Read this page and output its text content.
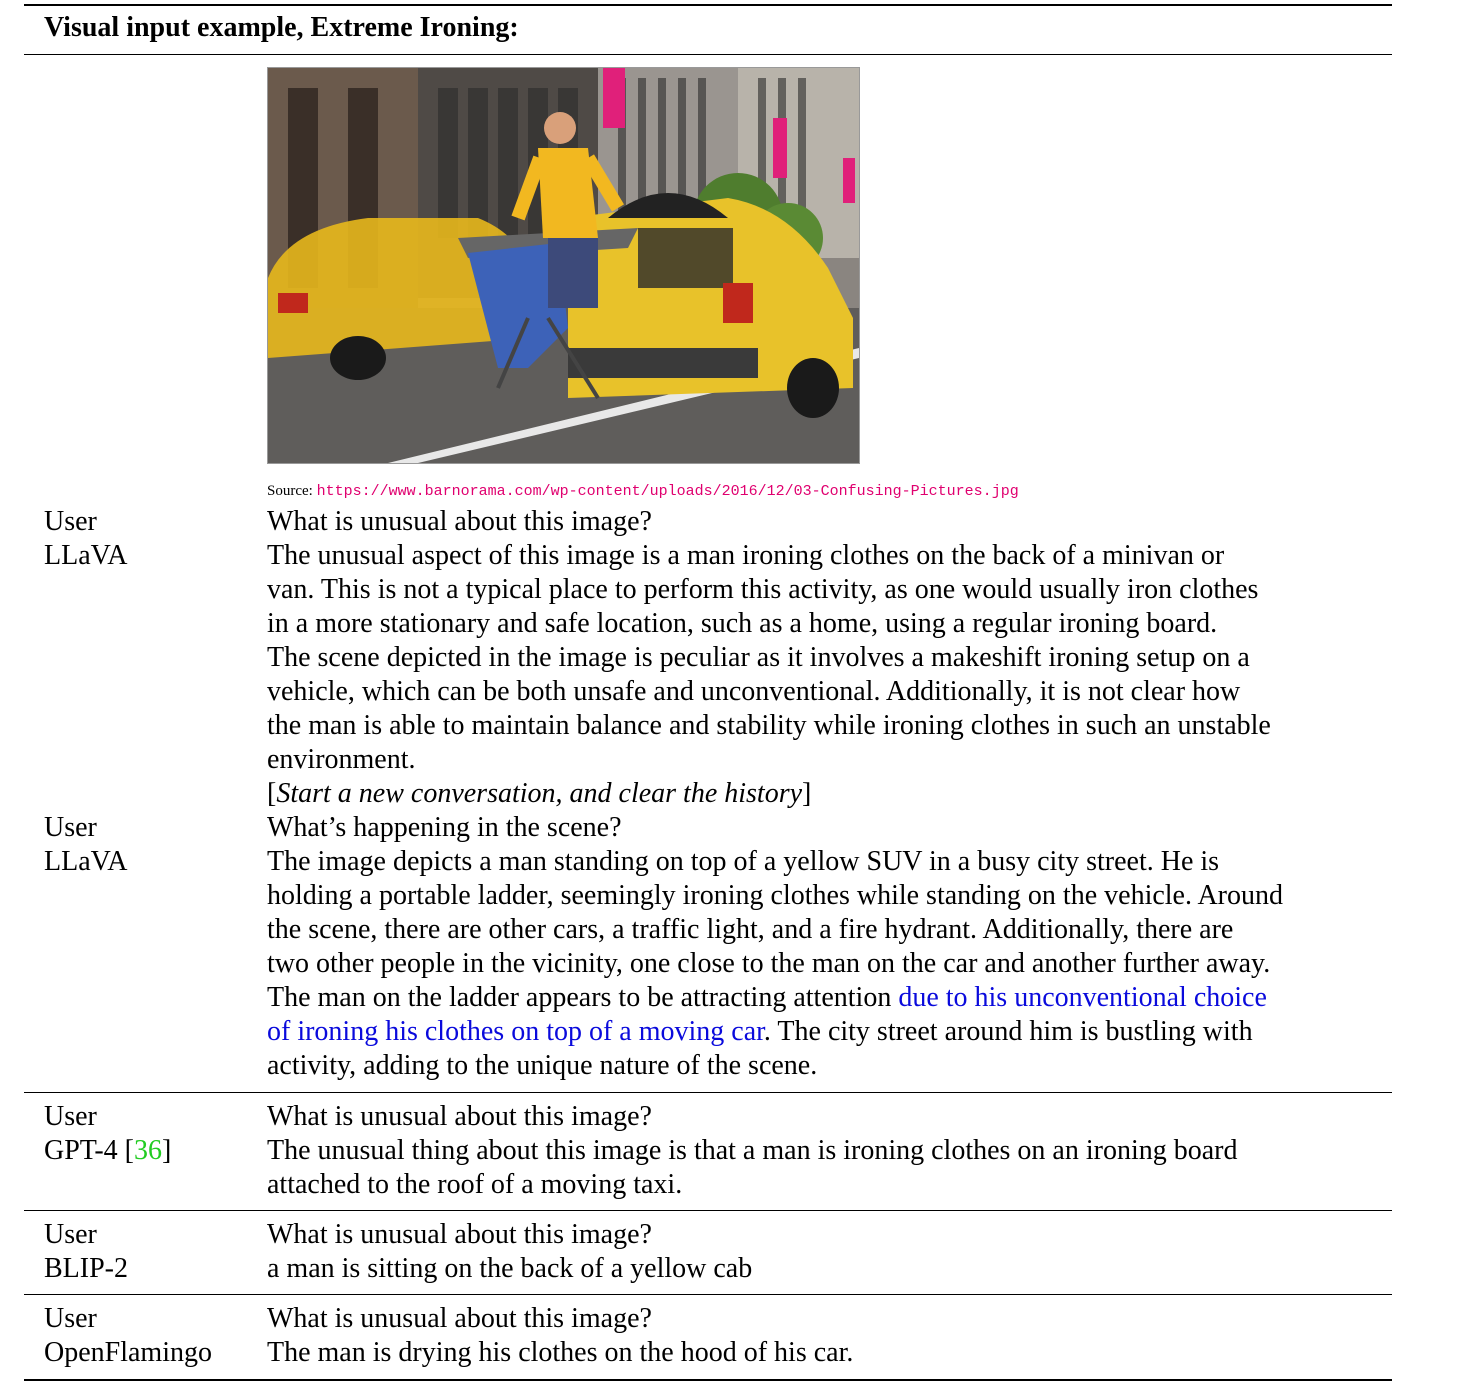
Visual input example, Extreme Ironing:
Source: https://www.barnorama.com/wp-content/uploads/2016/12/03-Confusing-Pictures.jpg
User	What is unusual about this image?
LLaVA	The unusual aspect of this image is a man ironing clothes on the back of a minivan or
van. This is not a typical place to perform this activity, as one would usually iron clothes
in a more stationary and safe location, such as a home, using a regular ironing board.
The scene depicted in the image is peculiar as it involves a makeshift ironing setup on a
vehicle, which can be both unsafe and unconventional. Additionally, it is not clear how
the man is able to maintain balance and stability while ironing clothes in such an unstable
environment.
[Start a new conversation, and clear the history]
User	What’s happening in the scene?
LLaVA	The image depicts a man standing on top of a yellow SUV in a busy city street. He is
holding a portable ladder, seemingly ironing clothes while standing on the vehicle. Around
the scene, there are other cars, a traffic light, and a fire hydrant. Additionally, there are
two other people in the vicinity, one close to the man on the car and another further away.
The man on the ladder appears to be attracting attention due to his unconventional choice
of ironing his clothes on top of a moving car. The city street around him is bustling with
activity, adding to the unique nature of the scene.
User	What is unusual about this image?
GPT-4 [36]	The unusual thing about this image is that a man is ironing clothes on an ironing board
attached to the roof of a moving taxi.
User	What is unusual about this image?
BLIP-2	a man is sitting on the back of a yellow cab
User	What is unusual about this image?
OpenFlamingo The man is drying his clothes on the hood of his car.
